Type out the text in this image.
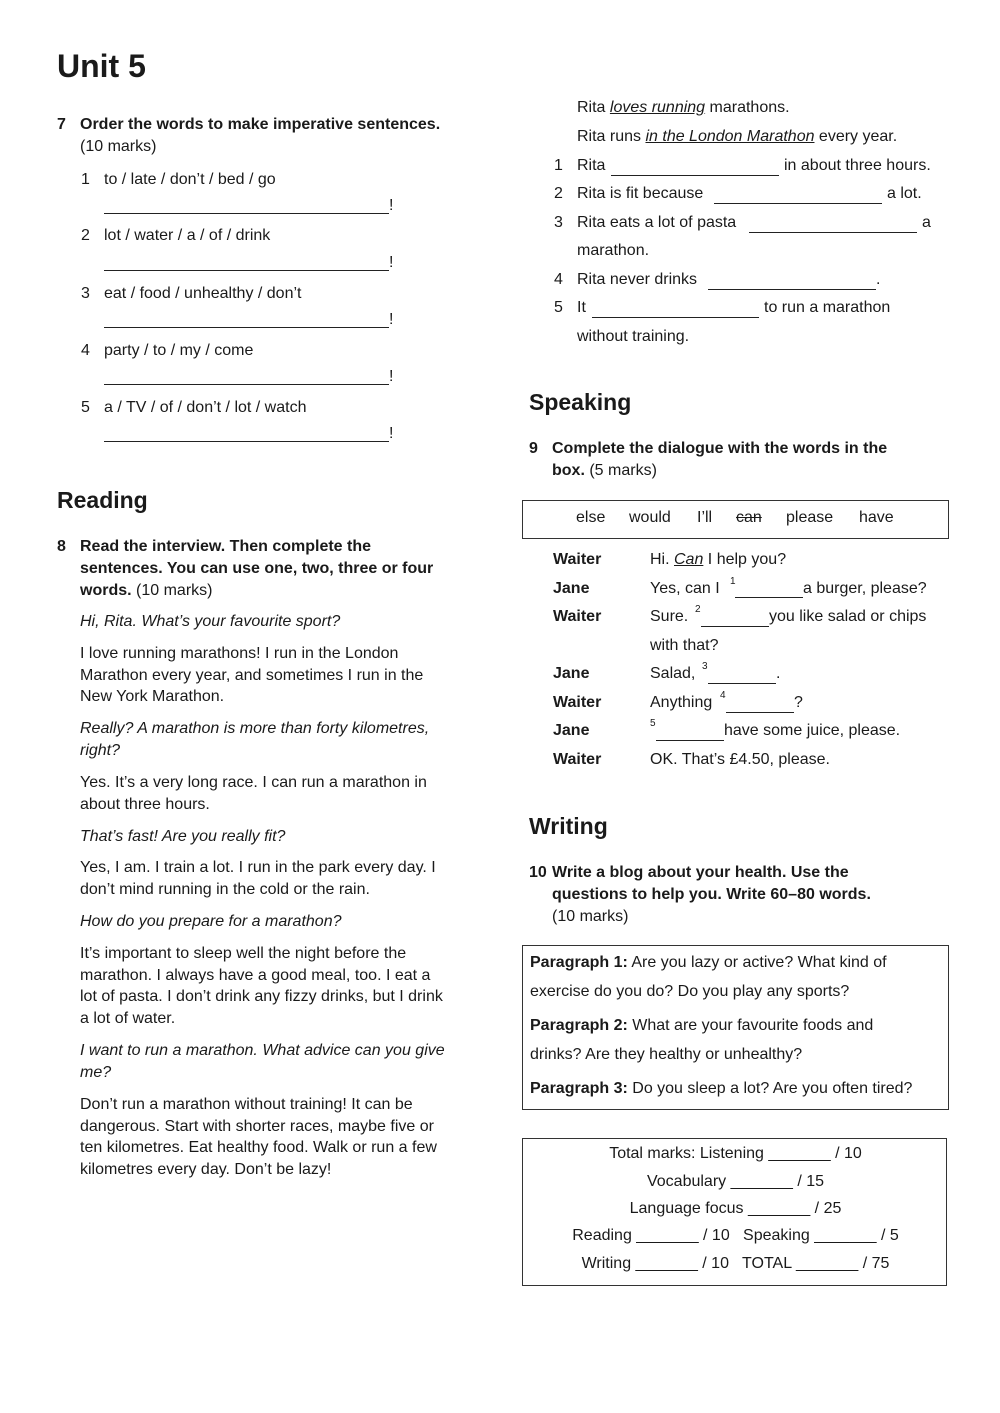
Unit 5
7 Order the words to make imperative sentences.
(10 marks)
1 to / late / don’t / bed / go
!
2 lot / water / a / of / drink
!
3 eat / food / unhealthy / don’t
!
4 party / to / my / come
!
5 a / TV / of / don’t / lot / watch
!
Reading
8 Read the interview. Then complete the
sentences. You can use one, two, three or four
words. (10 marks)
Hi, Rita. What’s your favourite sport?
I love running marathons! I run in the London
Marathon every year, and sometimes I run in the
New York Marathon.
Really? A marathon is more than forty kilometres,
right?
Yes. It’s a very long race. I can run a marathon in
about three hours.
That’s fast! Are you really fit?
Yes, I am. I train a lot. I run in the park every day. I
don’t mind running in the cold or the rain.
How do you prepare for a marathon?
It’s important to sleep well the night before the
marathon. I always have a good meal, too. I eat a
lot of pasta. I don’t drink any fizzy drinks, but I drink
a lot of water.
I want to run a marathon. What advice can you give
me?
Don’t run a marathon without training! It can be
dangerous. Start with shorter races, maybe five or
ten kilometres. Eat healthy food. Walk or run a few
kilometres every day. Don’t be lazy!
Rita loves running marathons.
Rita runs in the London Marathon every year.
1 Rita	in about three hours.
2 Rita is fit because	a lot.
3 Rita eats a lot of pasta	a
marathon.
4 Rita never drinks	.
5 It	to run a marathon
without training.
Speaking
9 Complete the dialogue with the words in the
box. (5 marks)
else would I’ll can please have
Waiter	Hi. Can I help you?
Jane	Yes, can I 1	a burger, please?
Waiter	Sure. 2	you like salad or chips
with that?
Jane	Salad, 3	.
Waiter	Anything 4	?
Jane	5	have some juice, please.
Waiter	OK. That’s £4.50, please.
Writing
10 Write a blog about your health. Use the
questions to help you. Write 60–80 words.
(10 marks)
Paragraph 1: Are you lazy or active? What kind of
exercise do you do? Do you play any sports?
Paragraph 2: What are your favourite foods and
drinks? Are they healthy or unhealthy?
Paragraph 3: Do you sleep a lot? Are you often tired?
Total marks: Listening _______ / 10
Vocabulary _______ / 15
Language focus _______ / 25
Reading _______ / 10   Speaking _______ / 5
Writing _______ / 10   TOTAL _______ / 75
